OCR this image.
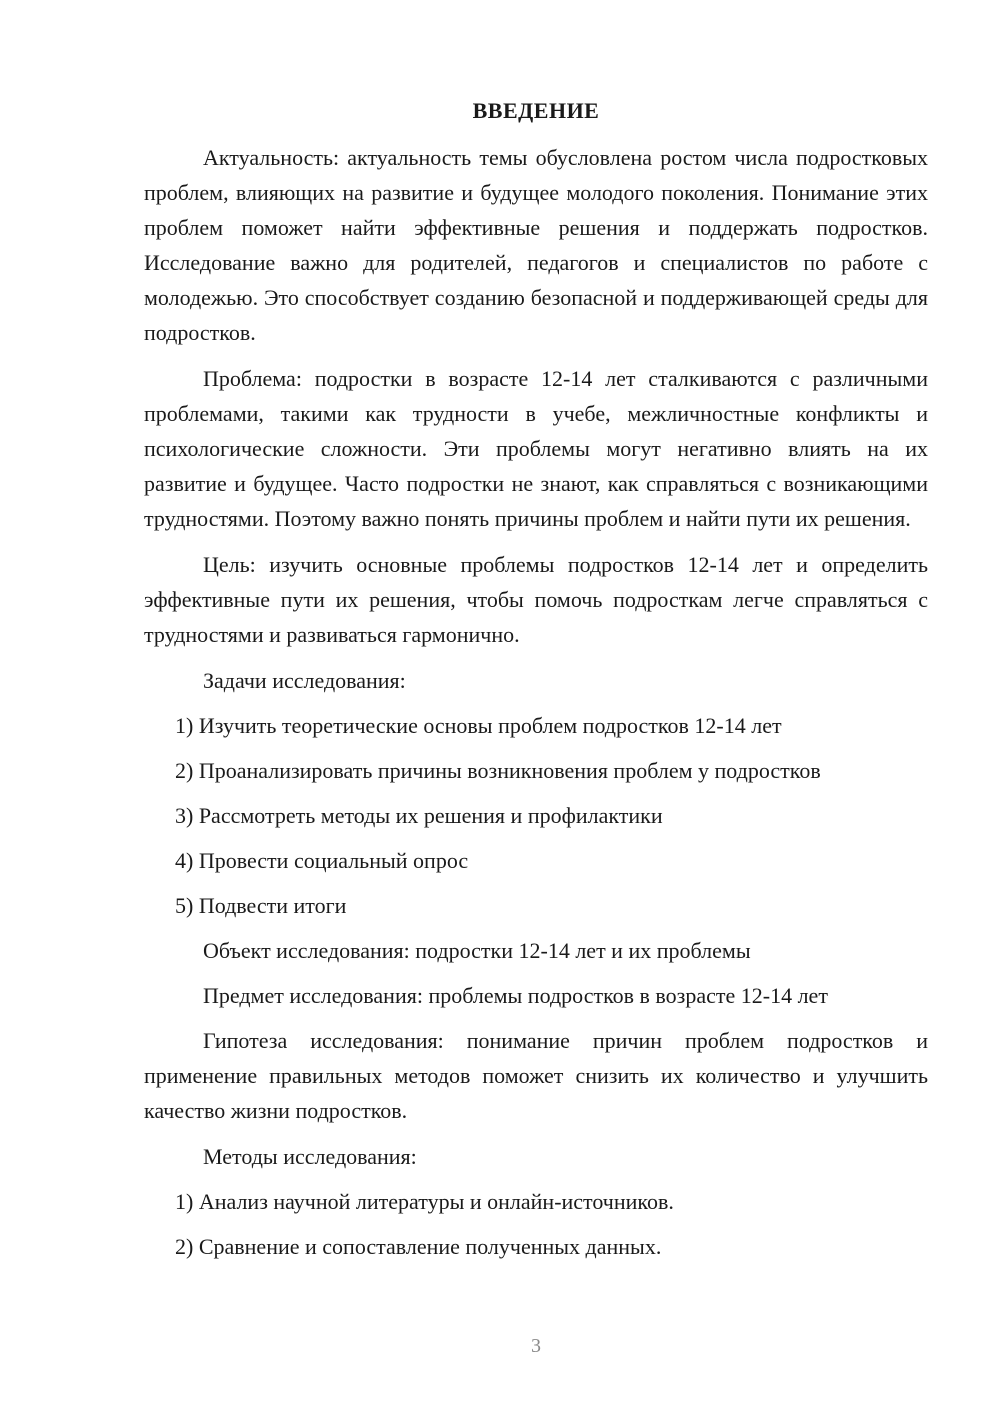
ВВЕДЕНИЕ

Актуальность: актуальность темы обусловлена ростом числа подростковых проблем, влияющих на развитие и будущее молодого поколения. Понимание этих проблем поможет найти эффективные решения и поддержать подростков. Исследование важно для родителей, педагогов и специалистов по работе с молодежью. Это способствует созданию безопасной и поддерживающей среды для подростков.

Проблема: подростки в возрасте 12-14 лет сталкиваются с различными проблемами, такими как трудности в учебе, межличностные конфликты и психологические сложности. Эти проблемы могут негативно влиять на их развитие и будущее. Часто подростки не знают, как справляться с возникающими трудностями. Поэтому важно понять причины проблем и найти пути их решения.

Цель: изучить основные проблемы подростков 12-14 лет и определить эффективные пути их решения, чтобы помочь подросткам легче справляться с трудностями и развиваться гармонично.

Задачи исследования:

1) Изучить теоретические основы проблем подростков 12-14 лет
2) Проанализировать причины возникновения проблем у подростков
3) Рассмотреть методы их решения и профилактики
4) Провести социальный опрос
5) Подвести итоги

Объект исследования: подростки 12-14 лет и их проблемы

Предмет исследования: проблемы подростков в возрасте 12-14 лет

Гипотеза исследования: понимание причин проблем подростков и применение правильных методов поможет снизить их количество и улучшить качество жизни подростков.

Методы исследования:

1) Анализ научной литературы и онлайн-источников.
2) Сравнение и сопоставление полученных данных.
3
